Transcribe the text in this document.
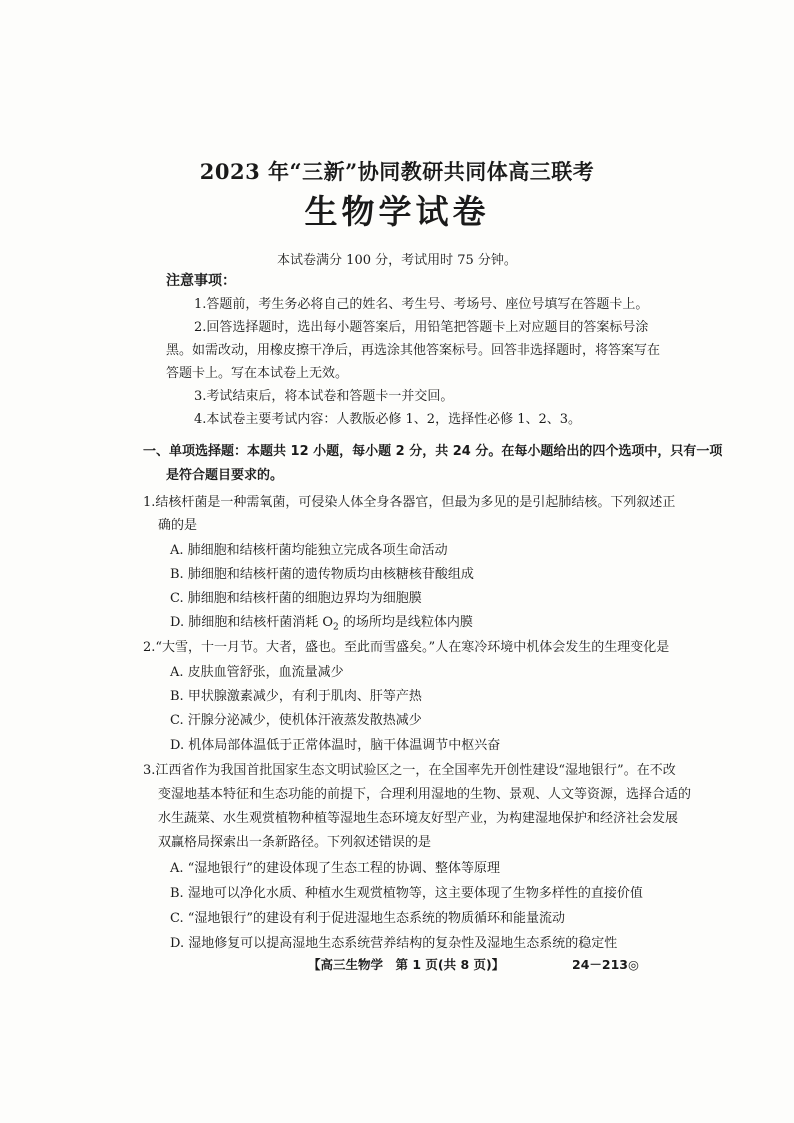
2023 年“三新”协同教研共同体高三联考
生物学试卷
本试卷满分 100 分，考试用时 75 分钟。
注意事项：
1.答题前，考生务必将自己的姓名、考生号、考场号、座位号填写在答题卡上。
2.回答选择题时，选出每小题答案后，用铅笔把答题卡上对应题目的答案标号涂
黑。如需改动，用橡皮擦干净后，再选涂其他答案标号。回答非选择题时，将答案写在
答题卡上。写在本试卷上无效。
3.考试结束后，将本试卷和答题卡一并交回。
4.本试卷主要考试内容：人教版必修 1、2，选择性必修 1、2、3。
一、单项选择题：本题共 12 小题，每小题 2 分，共 24 分。在每小题给出的四个选项中，只有一项
是符合题目要求的。
1.结核杆菌是一种需氧菌，可侵染人体全身各器官，但最为多见的是引起肺结核。下列叙述正
确的是
A. 肺细胞和结核杆菌均能独立完成各项生命活动
B. 肺细胞和结核杆菌的遗传物质均由核糖核苷酸组成
C. 肺细胞和结核杆菌的细胞边界均为细胞膜
D. 肺细胞和结核杆菌消耗 $O_2$ 的场所均是线粒体内膜
2.“大雪，十一月节。大者，盛也。至此而雪盛矣。”人在寒冷环境中机体会发生的生理变化是
A. 皮肤血管舒张，血流量减少
B. 甲状腺激素减少，有利于肌肉、肝等产热
C. 汗腺分泌减少，使机体汗液蒸发散热减少
D. 机体局部体温低于正常体温时，脑干体温调节中枢兴奋
3.江西省作为我国首批国家生态文明试验区之一，在全国率先开创性建设“湿地银行”。在不改
变湿地基本特征和生态功能的前提下，合理利用湿地的生物、景观、人文等资源，选择合适的
水生蔬菜、水生观赏植物种植等湿地生态环境友好型产业，为构建湿地保护和经济社会发展
双赢格局探索出一条新路径。下列叙述错误的是
A. “湿地银行”的建设体现了生态工程的协调、整体等原理
B. 湿地可以净化水质、种植水生观赏植物等，这主要体现了生物多样性的直接价值
C. “湿地银行”的建设有利于促进湿地生态系统的物质循环和能量流动
D. 湿地修复可以提高湿地生态系统营养结构的复杂性及湿地生态系统的稳定性
【高三生物学　第 1 页(共 8 页)】	24－213◎
